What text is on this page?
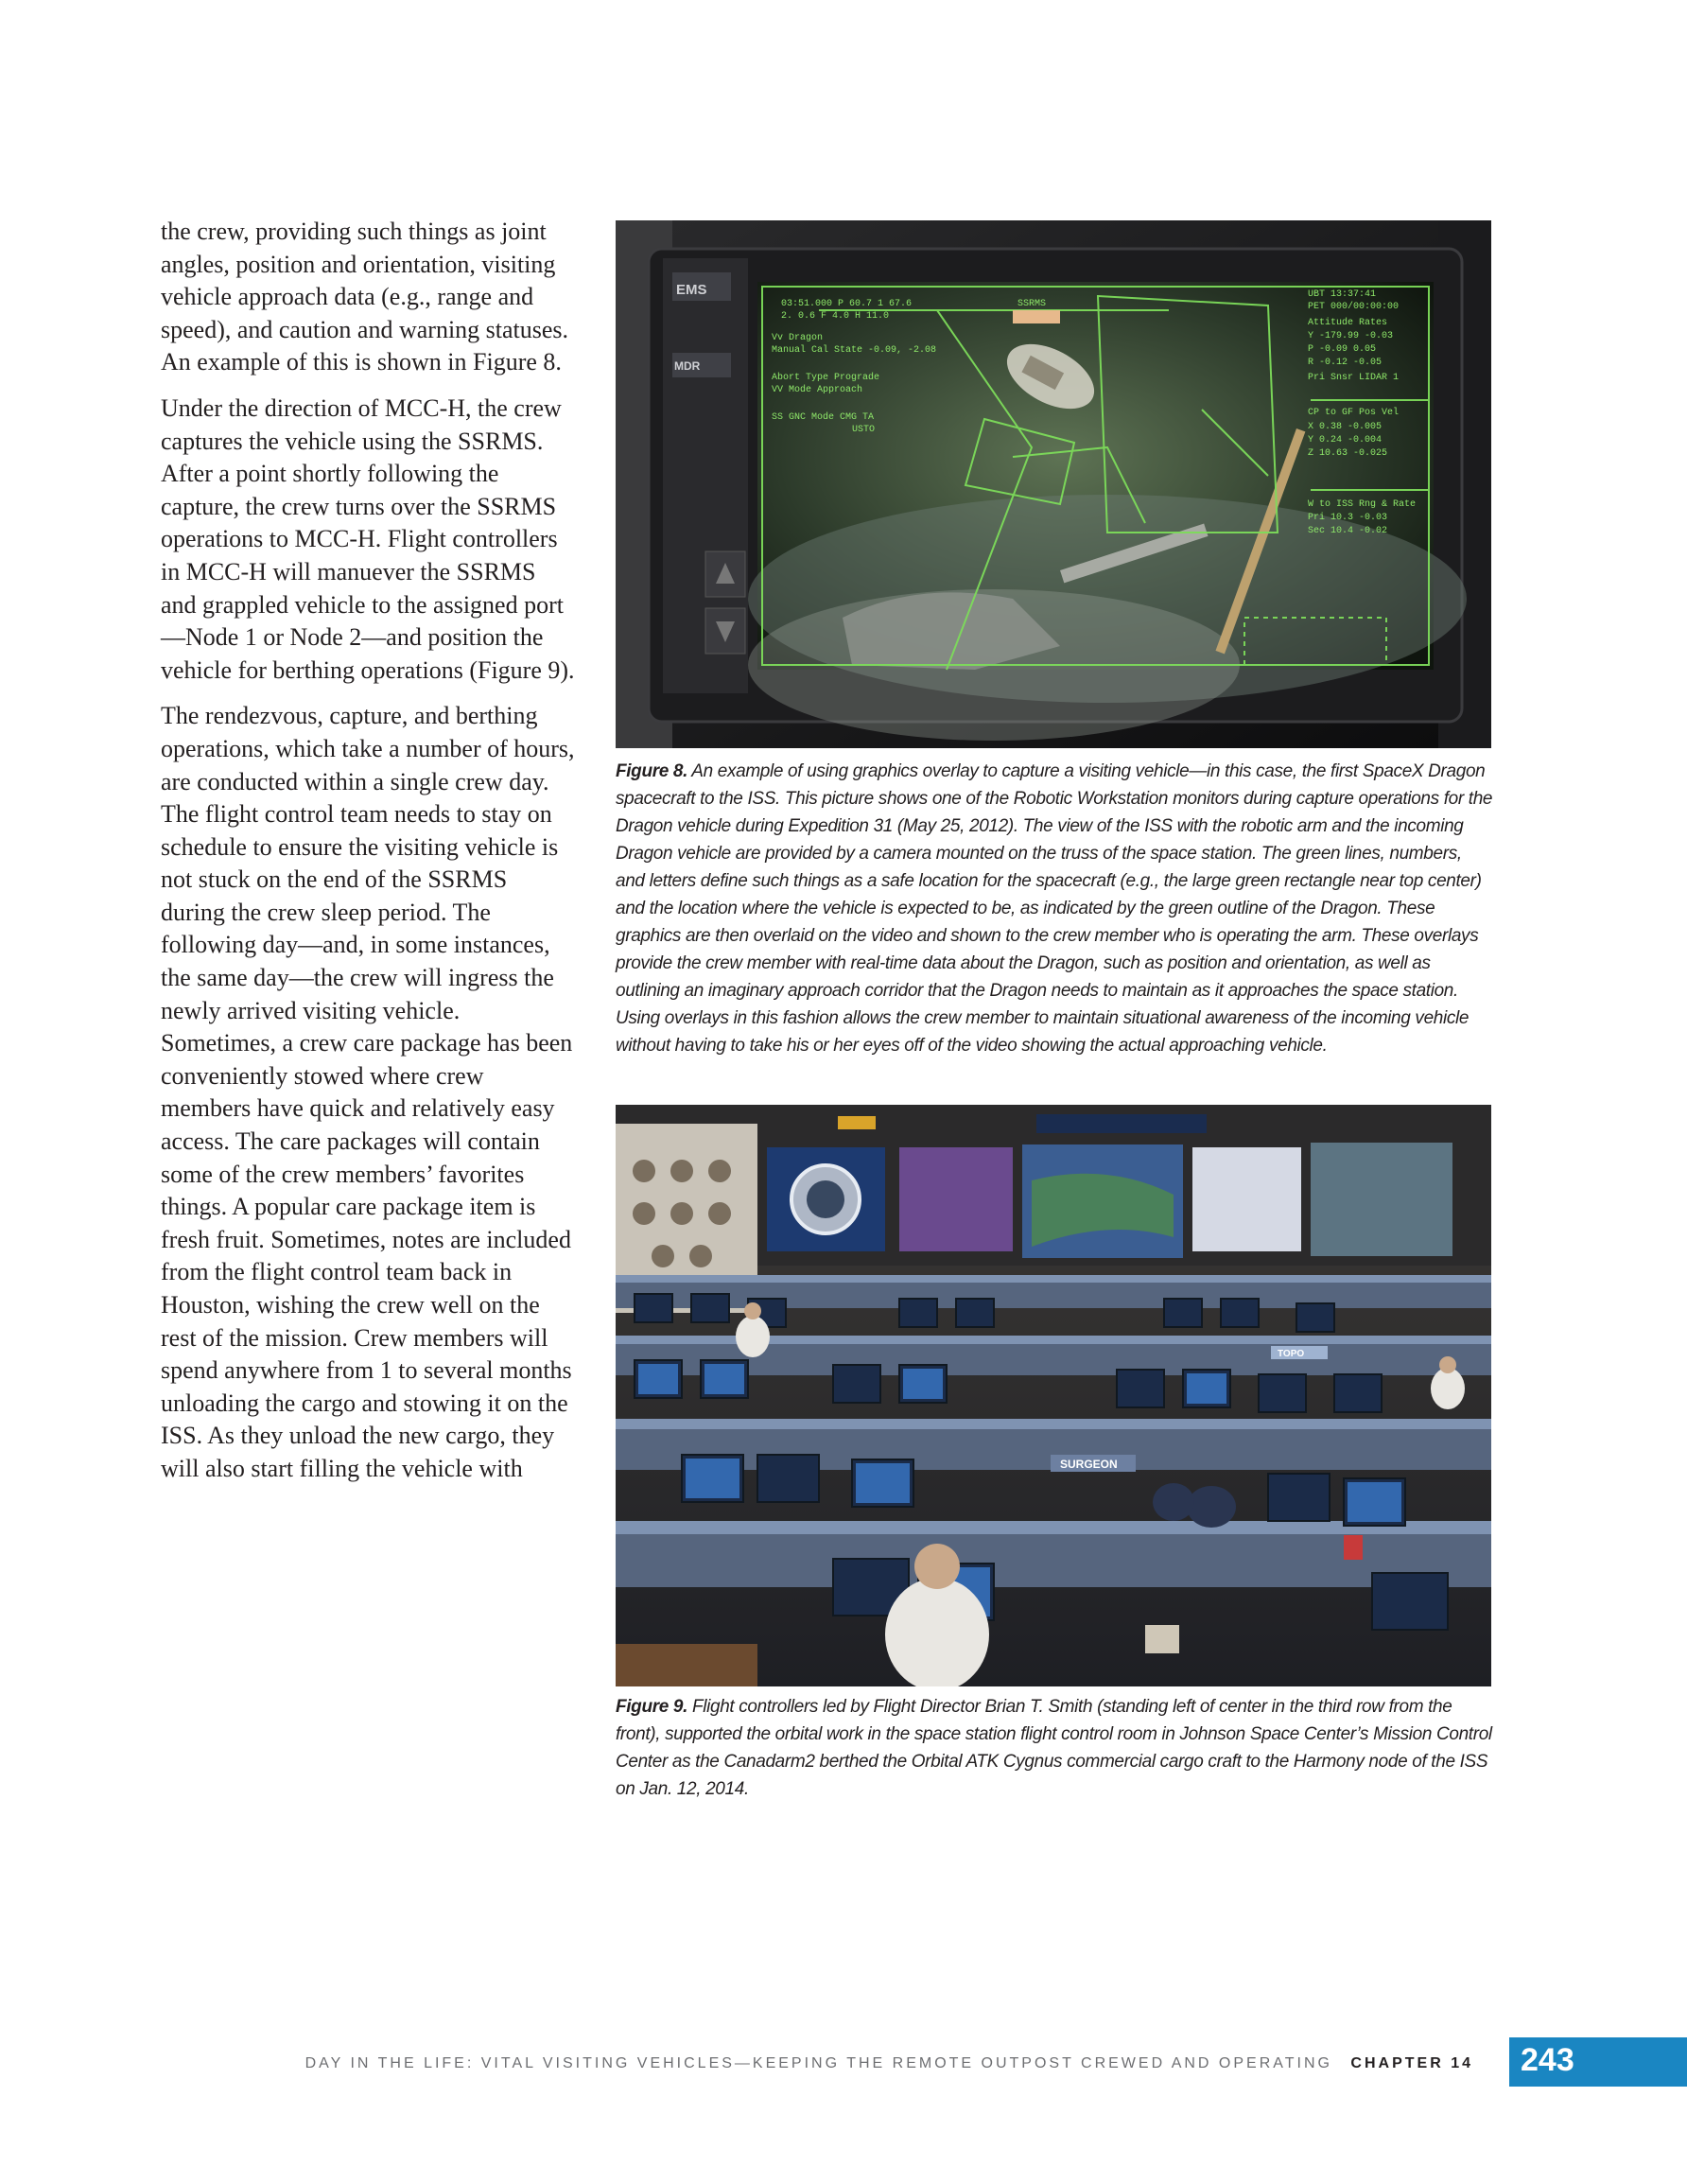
the crew, providing such things as joint angles, position and orientation, visiting vehicle approach data (e.g., range and speed), and caution and warning statuses. An example of this is shown in Figure 8.

Under the direction of MCC-H, the crew captures the vehicle using the SSRMS. After a point shortly following the capture, the crew turns over the SSRMS operations to MCC-H. Flight controllers in MCC-H will manuever the SSRMS and grappled vehicle to the assigned port—Node 1 or Node 2—and position the vehicle for berthing operations (Figure 9).

The rendezvous, capture, and berthing operations, which take a number of hours, are conducted within a single crew day. The flight control team needs to stay on schedule to ensure the visiting vehicle is not stuck on the end of the SSRMS during the crew sleep period. The following day—and, in some instances, the same day—the crew will ingress the newly arrived visiting vehicle. Sometimes, a crew care package has been conveniently stowed where crew members have quick and relatively easy access. The care packages will contain some of the crew members’ favorites things. A popular care package item is fresh fruit. Sometimes, notes are included from the flight control team back in Houston, wishing the crew well on the rest of the mission. Crew members will spend anywhere from 1 to several months unloading the cargo and stowing it on the ISS. As they unload the new cargo, they will also start filling the vehicle with

EMS
MDR
03:51.000 P 60.7 1 67.6
2. 0.6 F 4.0 H 11.0
Vv Dragon
Manual Cal State -0.09, -2.08
Abort Type Prograde
VV Mode Approach
SS GNC Mode CMG TA
USTO
SSRMS
UBT 13:37:41
PET 000/00:00:00
Attitude Rates
Y -179.99 -0.03
P -0.09 0.05
R -0.12 -0.05
Pri Snsr LIDAR 1
CP to GF Pos Vel
X 0.38 -0.005
Y 0.24 -0.004
Z 10.63 -0.025
W to ISS Rng & Rate
Pri 10.3 -0.03
Sec 10.4 -0.02
Figure 8. An example of using graphics overlay to capture a visiting vehicle—in this case, the first SpaceX Dragon spacecraft to the ISS. This picture shows one of the Robotic Workstation monitors during capture operations for the Dragon vehicle during Expedition 31 (May 25, 2012). The view of the ISS with the robotic arm and the incoming Dragon vehicle are provided by a camera mounted on the truss of the space station. The green lines, numbers, and letters define such things as a safe location for the spacecraft (e.g., the large green rectangle near top center) and the location where the vehicle is expected to be, as indicated by the green outline of the Dragon. These graphics are then overlaid on the video and shown to the crew member who is operating the arm. These overlays provide the crew member with real-time data about the Dragon, such as position and orientation, as well as outlining an imaginary approach corridor that the Dragon needs to maintain as it approaches the space station. Using overlays in this fashion allows the crew member to maintain situational awareness of the incoming vehicle without having to take his or her eyes off of the video showing the actual approaching vehicle.
TOPO
SURGEON
Figure 9. Flight controllers led by Flight Director Brian T. Smith (standing left of center in the third row from the front), supported the orbital work in the space station flight control room in Johnson Space Center’s Mission Control Center as the Canadarm2 berthed the Orbital ATK Cygnus commercial cargo craft to the Harmony node of the ISS on Jan. 12, 2014.
DAY IN THE LIFE: VITAL VISITING VEHICLES—KEEPING THE REMOTE OUTPOST CREWED AND OPERATING CHAPTER 14 243
